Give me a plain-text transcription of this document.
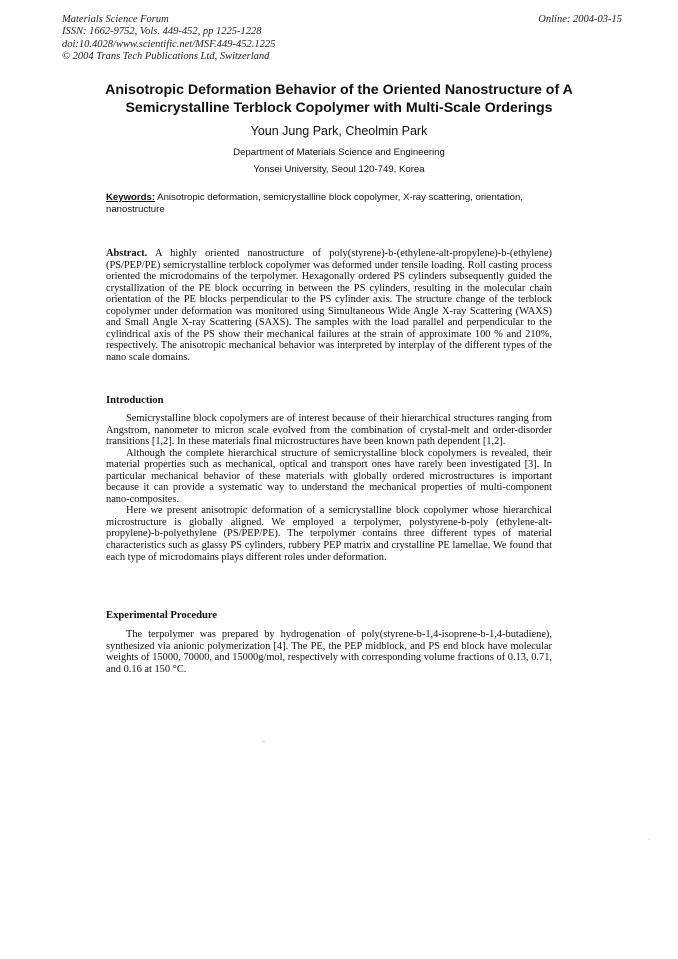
Materials Science Forum
ISSN: 1662-9752, Vols. 449-452, pp 1225-1228
doi:10.4028/www.scientific.net/MSF.449-452.1225
© 2004 Trans Tech Publications Ltd, Switzerland
Online: 2004-03-15
Anisotropic Deformation Behavior of the Oriented Nanostructure of A Semicrystalline Terblock Copolymer with Multi-Scale Orderings
Youn Jung Park, Cheolmin Park
Department of Materials Science and Engineering
Yonsei University, Seoul 120-749, Korea
Keywords: Anisotropic deformation, semicrystalline block copolymer, X-ray scattering, orientation, nanostructure

Abstract. A highly oriented nanostructure of poly(styrene)-b-(ethylene-alt-propylene)-b-(ethylene) (PS/PEP/PE) semicrystalline terblock copolymer was deformed under tensile loading. Roll casting process oriented the microdomains of the terpolymer. Hexagonally ordered PS cylinders subsequently guided the crystallization of the PE block occurring in between the PS cylinders, resulting in the molecular chain orientation of the PE blocks perpendicular to the PS cylinder axis. The structure change of the terblock copolymer under deformation was monitored using Simultaneous Wide Angle X-ray Scattering (WAXS) and Small Angle X-ray Scattering (SAXS). The samples with the load parallel and perpendicular to the cylindrical axis of the PS show their mechanical failures at the strain of approximate 100 % and 210%, respectively. The anisotropic mechanical behavior was interpreted by interplay of the different types of the nano scale domains.

Introduction

Semicrystalline block copolymers are of interest because of their hierarchical structures ranging from Angstrom, nanometer to micron scale evolved from the combination of crystal-melt and order-disorder transitions [1,2]. In these materials final microstructures have been known path dependent [1,2].

Although the complete hierarchical structure of semicrystalline block copolymers is revealed, their material properties such as mechanical, optical and transport ones have rarely been investigated [3]. In particular mechanical behavior of these materials with globally ordered microstructures is important because it can provide a systematic way to understand the mechanical properties of multi-component nano-composites.

Here we present anisotropic deformation of a semicrystalline block copolymer whose hierarchical microstructure is globally aligned. We employed a terpolymer, polystyrene-b-poly (ethylene-alt-propylene)-b-polyethylene (PS/PEP/PE). The terpolymer contains three different types of material characteristics such as glassy PS cylinders, rubbery PEP matrix and crystalline PE lamellae. We found that each type of microdomains plays different roles under deformation.

Experimental Procedure

The terpolymer was prepared by hydrogenation of poly(styrene-b-1,4-isoprene-b-1,4-butadiene), synthesized via anionic polymerization [4]. The PE, the PEP midblock, and PS end block have molecular weights of 15000, 70000, and 15000g/mol, respectively with corresponding volume fractions of 0.13, 0.71, and 0.16 at 150 °C.
